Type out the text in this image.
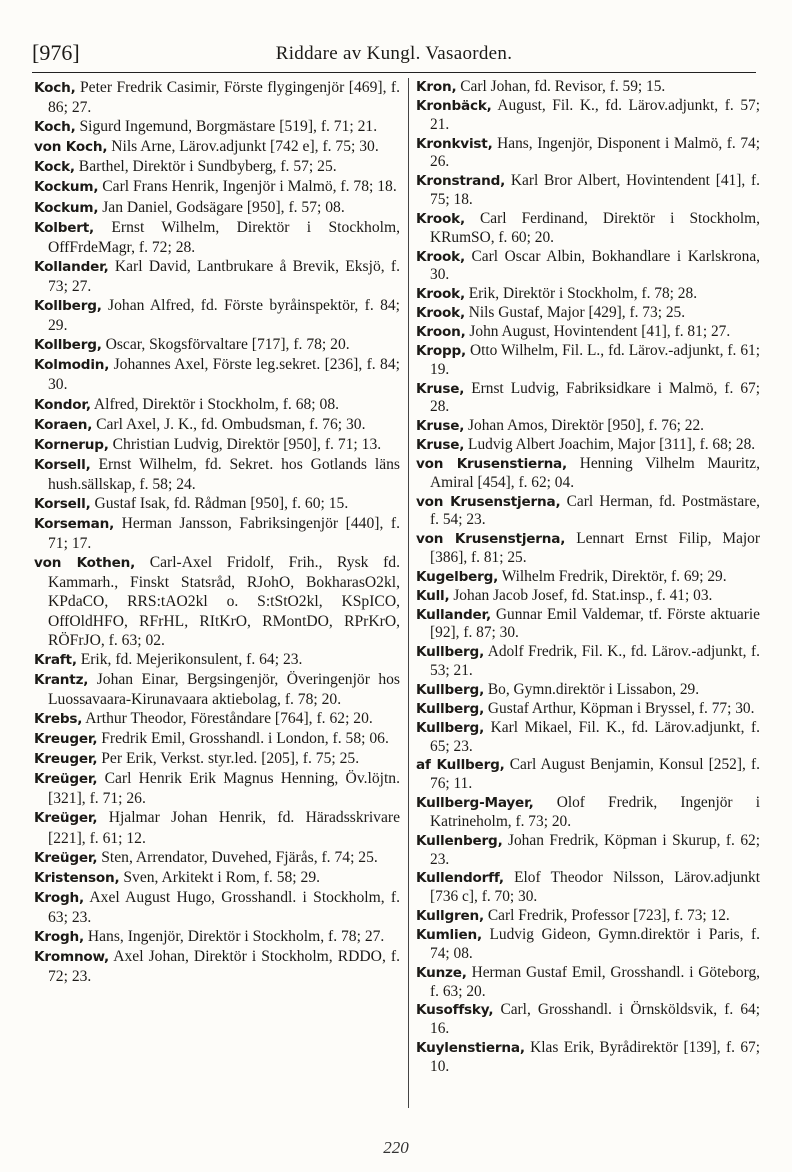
[976]	Riddare av Kungl. Vasaorden.

Koch, Peter Fredrik Casimir, Förste flygingenjör [469], f. 86; 27.

Koch, Sigurd Ingemund, Borgmästare [519], f. 71; 21.

von Koch, Nils Arne, Lärov.adjunkt [742 e], f. 75; 30.

Kock, Barthel, Direktör i Sundbyberg, f. 57; 25.

Kockum, Carl Frans Henrik, Ingenjör i Malmö, f. 78; 18.

Kockum, Jan Daniel, Godsägare [950], f. 57; 08.

Kolbert, Ernst Wilhelm, Direktör i Stockholm, OffFrdeMagr, f. 72; 28.

Kollander, Karl David, Lantbrukare å Brevik, Eksjö, f. 73; 27.

Kollberg, Johan Alfred, fd. Förste byråinspektör, f. 84; 29.

Kollberg, Oscar, Skogsförvaltare [717], f. 78; 20.

Kolmodin, Johannes Axel, Förste leg.sekret. [236], f. 84; 30.

Kondor, Alfred, Direktör i Stockholm, f. 68; 08.

Koraen, Carl Axel, J. K., fd. Ombudsman, f. 76; 30.

Kornerup, Christian Ludvig, Direktör [950], f. 71; 13.

Korsell, Ernst Wilhelm, fd. Sekret. hos Gotlands läns hush.sällskap, f. 58; 24.

Korsell, Gustaf Isak, fd. Rådman [950], f. 60; 15.

Korseman, Herman Jansson, Fabriksingenjör [440], f. 71; 17.

von Kothen, Carl-Axel Fridolf, Frih., Rysk fd. Kammarh., Finskt Statsråd, RJohO, BokharasO2kl, KPdaCO, RRS:tAO2kl o. S:tStO2kl, KSpICO, OffOldHFO, RFrHL, RItKrO, RMontDO, RPrKrO, RÖFrJO, f. 63; 02.

Kraft, Erik, fd. Mejerikonsulent, f. 64; 23.

Krantz, Johan Einar, Bergsingenjör, Överingenjör hos Luossavaara-Kirunavaara aktiebolag, f. 78; 20.

Krebs, Arthur Theodor, Föreståndare [764], f. 62; 20.

Kreuger, Fredrik Emil, Grosshandl. i London, f. 58; 06.

Kreuger, Per Erik, Verkst. styr.led. [205], f. 75; 25.

Kreüger, Carl Henrik Erik Magnus Henning, Öv.löjtn. [321], f. 71; 26.

Kreüger, Hjalmar Johan Henrik, fd. Häradsskrivare [221], f. 61; 12.

Kreüger, Sten, Arrendator, Duvehed, Fjärås, f. 74; 25.

Kristenson, Sven, Arkitekt i Rom, f. 58; 29.

Krogh, Axel August Hugo, Grosshandl. i Stockholm, f. 63; 23.

Krogh, Hans, Ingenjör, Direktör i Stockholm, f. 78; 27.

Kromnow, Axel Johan, Direktör i Stockholm, RDDO, f. 72; 23.

Kron, Carl Johan, fd. Revisor, f. 59; 15.

Kronbäck, August, Fil. K., fd. Lärov.adjunkt, f. 57; 21.

Kronkvist, Hans, Ingenjör, Disponent i Malmö, f. 74; 26.

Kronstrand, Karl Bror Albert, Hovintendent [41], f. 75; 18.

Krook, Carl Ferdinand, Direktör i Stockholm, KRumSO, f. 60; 20.

Krook, Carl Oscar Albin, Bokhandlare i Karlskrona, 30.

Krook, Erik, Direktör i Stockholm, f. 78; 28.

Krook, Nils Gustaf, Major [429], f. 73; 25.

Kroon, John August, Hovintendent [41], f. 81; 27.

Kropp, Otto Wilhelm, Fil. L., fd. Lärov.-adjunkt, f. 61; 19.

Kruse, Ernst Ludvig, Fabriksidkare i Malmö, f. 67; 28.

Kruse, Johan Amos, Direktör [950], f. 76; 22.

Kruse, Ludvig Albert Joachim, Major [311], f. 68; 28.

von Krusenstierna, Henning Vilhelm Mauritz, Amiral [454], f. 62; 04.

von Krusenstjerna, Carl Herman, fd. Postmästare, f. 54; 23.

von Krusenstjerna, Lennart Ernst Filip, Major [386], f. 81; 25.

Kugelberg, Wilhelm Fredrik, Direktör, f. 69; 29.

Kull, Johan Jacob Josef, fd. Stat.insp., f. 41; 03.

Kullander, Gunnar Emil Valdemar, tf. Förste aktuarie [92], f. 87; 30.

Kullberg, Adolf Fredrik, Fil. K., fd. Lärov.-adjunkt, f. 53; 21.

Kullberg, Bo, Gymn.direktör i Lissabon, 29.

Kullberg, Gustaf Arthur, Köpman i Bryssel, f. 77; 30.

Kullberg, Karl Mikael, Fil. K., fd. Lärov.adjunkt, f. 65; 23.

af Kullberg, Carl August Benjamin, Konsul [252], f. 76; 11.

Kullberg-Mayer, Olof Fredrik, Ingenjör i Katrineholm, f. 73; 20.

Kullenberg, Johan Fredrik, Köpman i Skurup, f. 62; 23.

Kullendorff, Elof Theodor Nilsson, Lärov.adjunkt [736 c], f. 70; 30.

Kullgren, Carl Fredrik, Professor [723], f. 73; 12.

Kumlien, Ludvig Gideon, Gymn.direktör i Paris, f. 74; 08.

Kunze, Herman Gustaf Emil, Grosshandl. i Göteborg, f. 63; 20.

Kusoffsky, Carl, Grosshandl. i Örnsköldsvik, f. 64; 16.

Kuylenstierna, Klas Erik, Byrådirektör [139], f. 67; 10.

220
